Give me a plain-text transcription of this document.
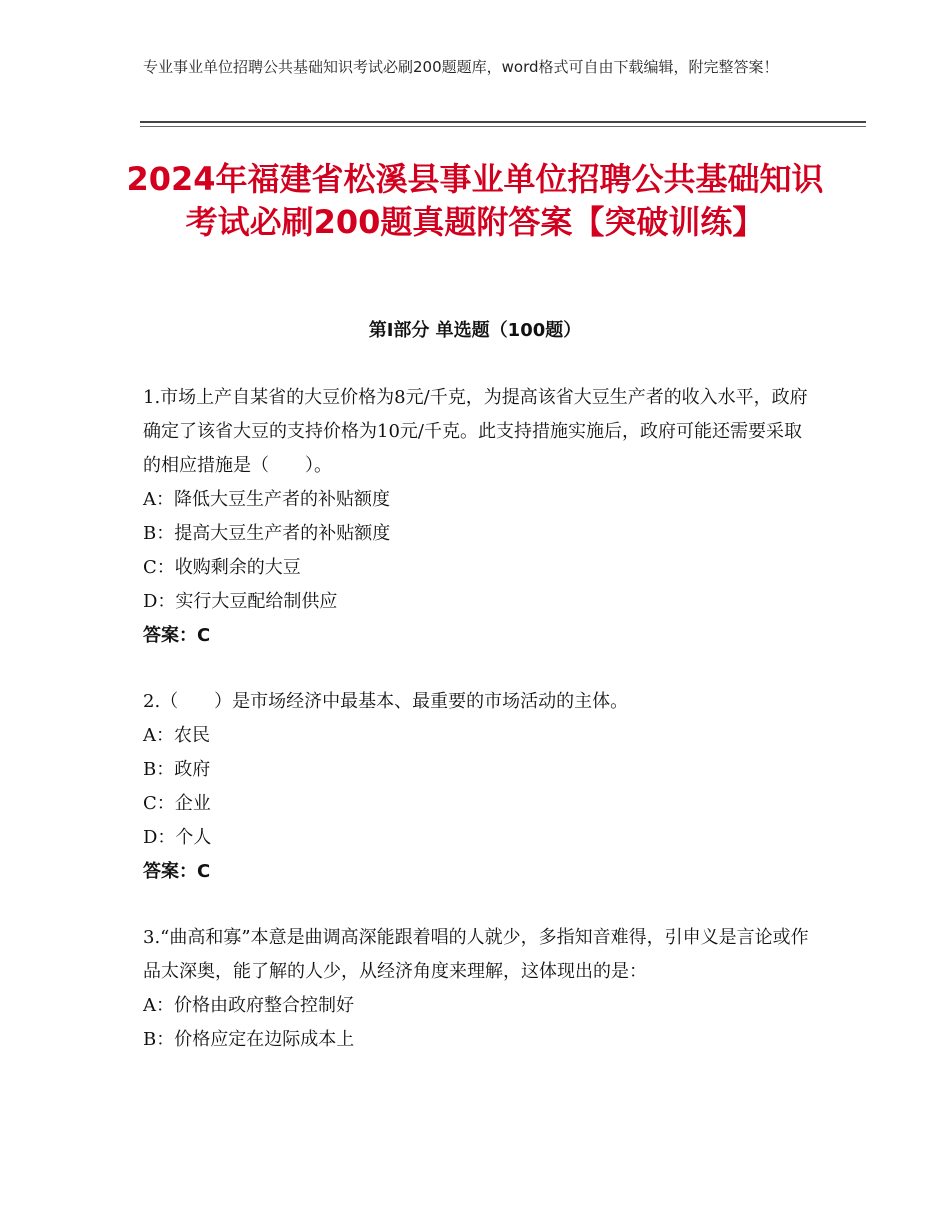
专业事业单位招聘公共基础知识考试必刷200题题库，word格式可自由下载编辑，附完整答案！
2024年福建省松溪县事业单位招聘公共基础知识考试必刷200题真题附答案【突破训练】
第Ⅰ部分 单选题（100题）
1.市场上产自某省的大豆价格为8元/千克，为提高该省大豆生产者的收入水平，政府确定了该省大豆的支持价格为10元/千克。此支持措施实施后，政府可能还需要采取的相应措施是（　　）。
A：降低大豆生产者的补贴额度
B：提高大豆生产者的补贴额度
C：收购剩余的大豆
D：实行大豆配给制供应
答案：C
2.（　　）是市场经济中最基本、最重要的市场活动的主体。
A：农民
B：政府
C：企业
D：个人
答案：C
3.“曲高和寡”本意是曲调高深能跟着唱的人就少，多指知音难得，引申义是言论或作品太深奥，能了解的人少，从经济角度来理解，这体现出的是：
A：价格由政府整合控制好
B：价格应定在边际成本上
